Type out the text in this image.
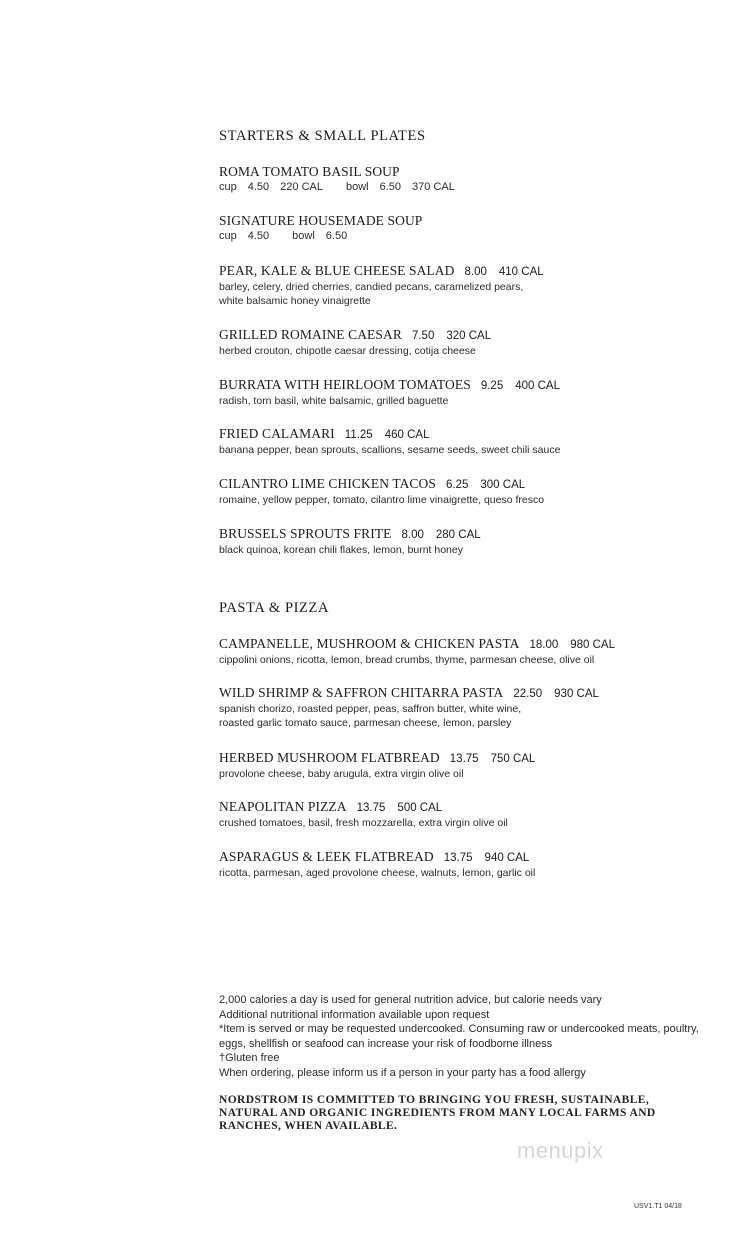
STARTERS & SMALL PLATES
ROMA TOMATO BASIL SOUP
cup 4.50 220 CAL bowl 6.50 370 CAL
SIGNATURE HOUSEMADE SOUP
cup 4.50 bowl 6.50
PEAR, KALE & BLUE CHEESE SALAD 8.00 410 CAL
barley, celery, dried cherries, candied pecans, caramelized pears,
white balsamic honey vinaigrette
GRILLED ROMAINE CAESAR 7.50 320 CAL
herbed crouton, chipotle caesar dressing, cotija cheese
BURRATA WITH HEIRLOOM TOMATOES 9.25 400 CAL
radish, torn basil, white balsamic, grilled baguette
FRIED CALAMARI 11.25 460 CAL
banana pepper, bean sprouts, scallions, sesame seeds, sweet chili sauce
CILANTRO LIME CHICKEN TACOS 6.25 300 CAL
romaine, yellow pepper, tomato, cilantro lime vinaigrette, queso fresco
BRUSSELS SPROUTS FRITE 8.00 280 CAL
black quinoa, korean chili flakes, lemon, burnt honey
PASTA & PIZZA
CAMPANELLE, MUSHROOM & CHICKEN PASTA 18.00 980 CAL
cippolini onions, ricotta, lemon, bread crumbs, thyme, parmesan cheese, olive oil
WILD SHRIMP & SAFFRON CHITARRA PASTA 22.50 930 CAL
spanish chorizo, roasted pepper, peas, saffron butter, white wine,
roasted garlic tomato sauce, parmesan cheese, lemon, parsley
HERBED MUSHROOM FLATBREAD 13.75 750 CAL
provolone cheese, baby arugula, extra virgin olive oil
NEAPOLITAN PIZZA 13.75 500 CAL
crushed tomatoes, basil, fresh mozzarella, extra virgin olive oil
ASPARAGUS & LEEK FLATBREAD 13.75 940 CAL
ricotta, parmesan, aged provolone cheese, walnuts, lemon, garlic oil

2,000 calories a day is used for general nutrition advice, but calorie needs vary

Additional nutritional information available upon request

*Item is served or may be requested undercooked. Consuming raw or undercooked meats, poultry,

eggs, shellfish or seafood can increase your risk of foodborne illness

†Gluten free

When ordering, please inform us if a person in your party has a food allergy

NORDSTROM IS COMMITTED TO BRINGING YOU FRESH, SUSTAINABLE, NATURAL AND ORGANIC INGREDIENTS FROM MANY LOCAL FARMS AND RANCHES, WHEN AVAILABLE.
menupix
USV1.T1 04/18
